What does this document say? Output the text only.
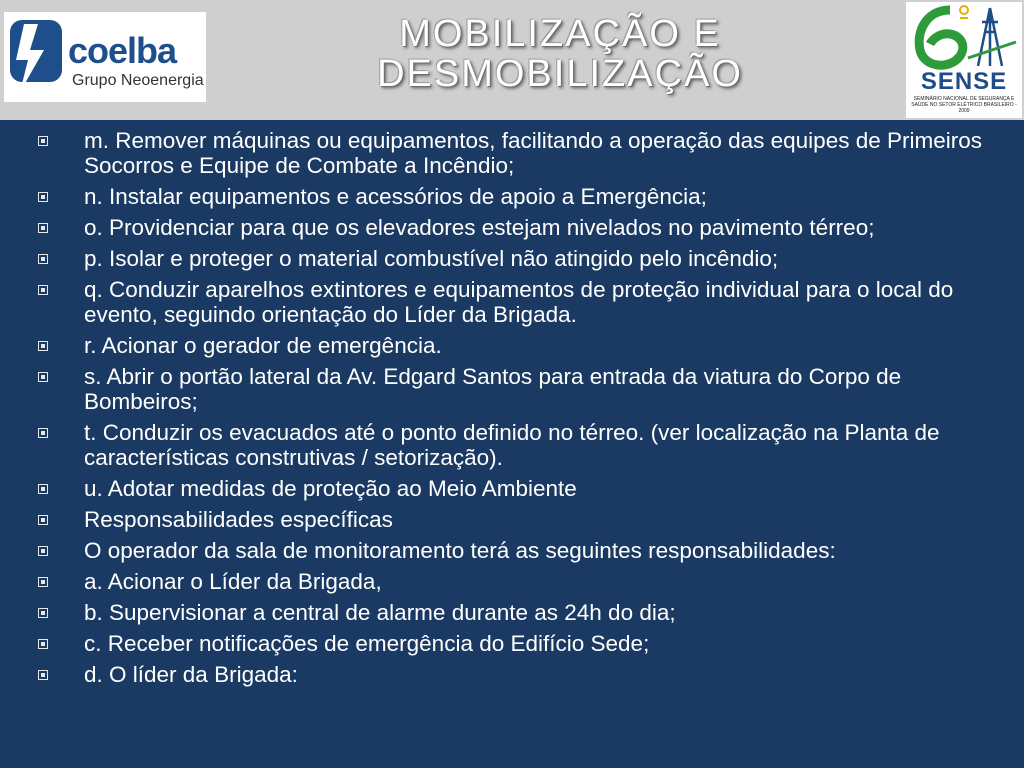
coelba
Grupo Neoenergia
MOBILIZAÇÃO E
DESMOBILIZAÇÃO	SENSE
SEMINÁRIO NACIONAL DE SEGURANÇA E SAÚDE NO SETOR ELÉTRICO BRASILEIRO - 2009
m. Remover máquinas ou equipamentos, facilitando a operação das equipes de Primeiros Socorros e Equipe de Combate a Incêndio;
n. Instalar equipamentos e acessórios de apoio a Emergência;
o. Providenciar para que os elevadores estejam nivelados no pavimento térreo;
p. Isolar e proteger o material combustível não atingido pelo incêndio;
q. Conduzir aparelhos extintores e equipamentos de proteção individual para o local do evento, seguindo orientação do Líder da Brigada.
r. Acionar o gerador de emergência.
s. Abrir o portão lateral da Av. Edgard Santos para entrada da viatura do Corpo de Bombeiros;
t. Conduzir os evacuados até o ponto definido no térreo. (ver localização na Planta de características construtivas / setorização).
u. Adotar medidas de proteção ao Meio Ambiente
Responsabilidades específicas
O operador da sala de monitoramento terá as seguintes responsabilidades:
a. Acionar o Líder da Brigada,
b. Supervisionar a central de alarme durante as 24h do dia;
c. Receber notificações de emergência do Edifício Sede;
d. O líder da Brigada:
